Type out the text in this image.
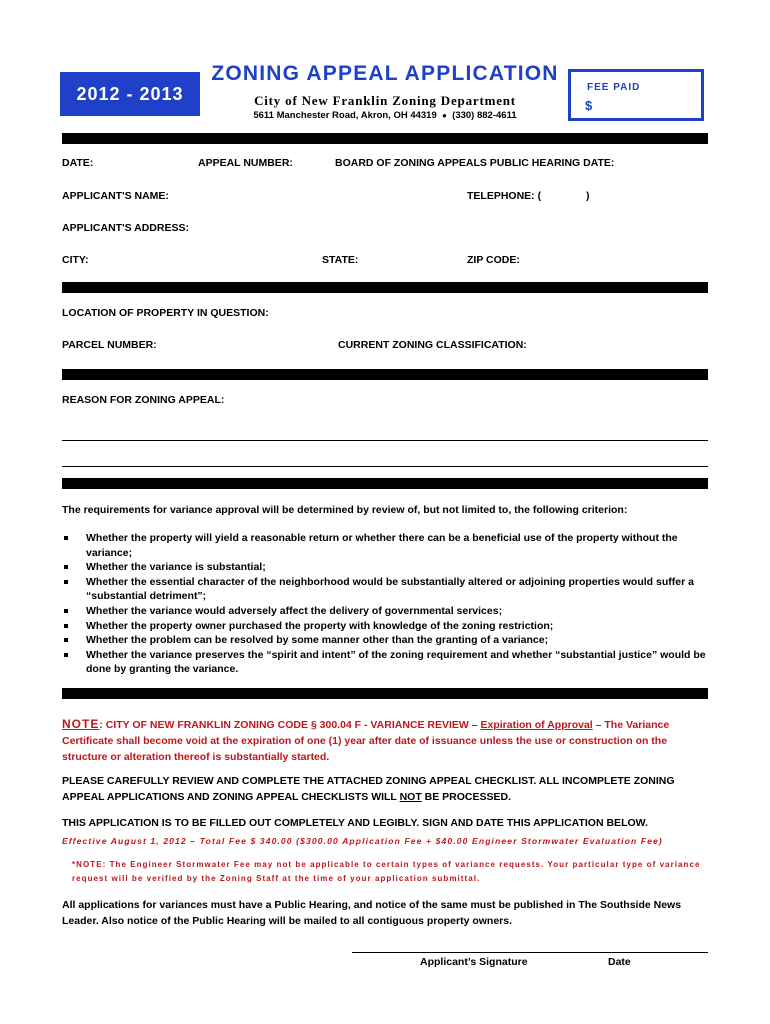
2012 - 2013
ZONING APPEAL APPLICATION
City of New Franklin Zoning Department
5611 Manchester Road, Akron, OH 44319 ● (330) 882-4611
FEE PAID
$
DATE:	APPEAL NUMBER:	BOARD OF ZONING APPEALS PUBLIC HEARING DATE:
APPLICANT'S NAME:	TELEPHONE: (	)
APPLICANT'S ADDRESS:
CITY:	STATE:	ZIP CODE:
LOCATION OF PROPERTY IN QUESTION:
PARCEL NUMBER:	CURRENT ZONING CLASSIFICATION:
REASON FOR ZONING APPEAL:
The requirements for variance approval will be determined by review of, but not limited to, the following criterion:
Whether the property will yield a reasonable return or whether there can be a beneficial use of the property without the variance;
Whether the variance is substantial;
Whether the essential character of the neighborhood would be substantially altered or adjoining properties would suffer a “substantial detriment”;
Whether the variance would adversely affect the delivery of governmental services;
Whether the property owner purchased the property with knowledge of the zoning restriction;
Whether the problem can be resolved by some manner other than the granting of a variance;
Whether the variance preserves the “spirit and intent” of the zoning requirement and whether “substantial justice” would be done by granting the variance.
NOTE: CITY OF NEW FRANKLIN ZONING CODE § 300.04 F - VARIANCE REVIEW – Expiration of Approval – The Variance Certificate shall become void at the expiration of one (1) year after date of issuance unless the use or construction on the structure or alteration thereof is substantially started.
PLEASE CAREFULLY REVIEW AND COMPLETE THE ATTACHED ZONING APPEAL CHECKLIST. ALL INCOMPLETE ZONING APPEAL APPLICATIONS AND ZONING APPEAL CHECKLISTS WILL NOT BE PROCESSED.
THIS APPLICATION IS TO BE FILLED OUT COMPLETELY AND LEGIBLY. SIGN AND DATE THIS APPLICATION BELOW.
Effective August 1, 2012 – Total Fee $ 340.00 ($300.00 Application Fee + $40.00 Engineer Stormwater Evaluation Fee)
*NOTE: The Engineer Stormwater Fee may not be applicable to certain types of variance requests. Your particular type of variance request will be verified by the Zoning Staff at the time of your application submittal.
All applications for variances must have a Public Hearing, and notice of the same must be published in The Southside News Leader. Also notice of the Public Hearing will be mailed to all contiguous property owners.
Applicant’s Signature	Date
